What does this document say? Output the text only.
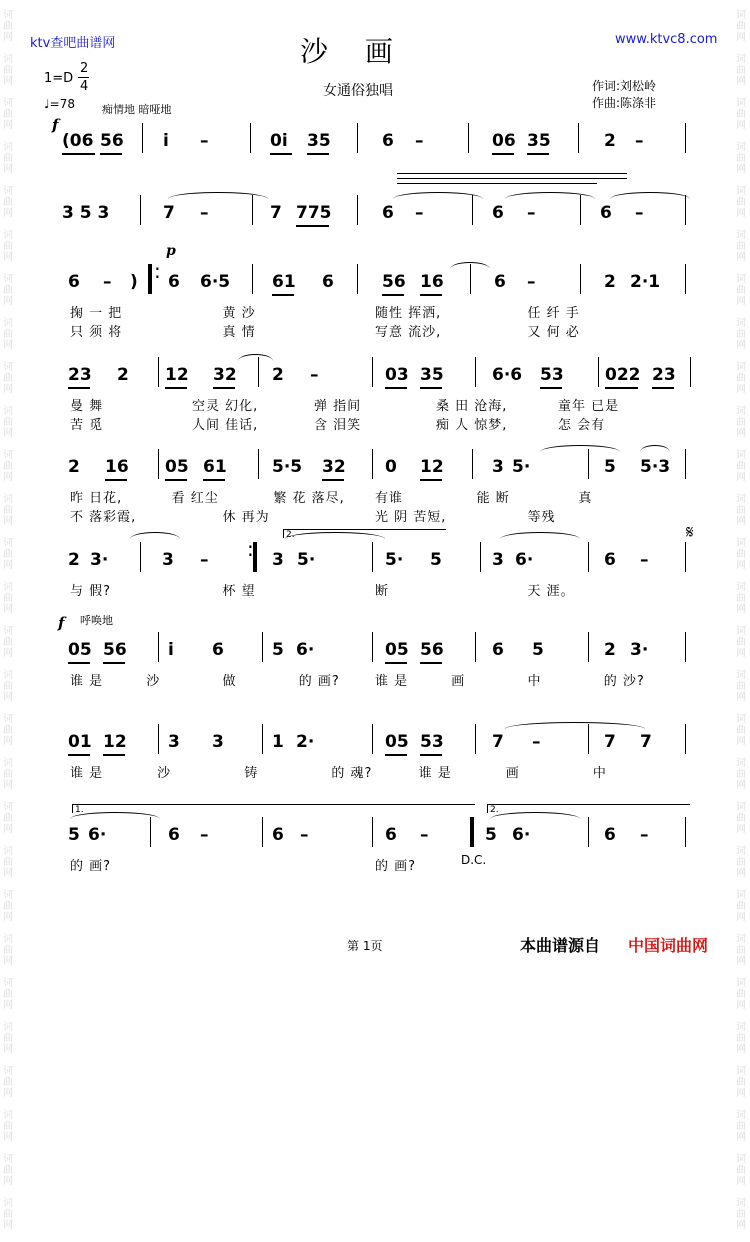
词
曲
网

词
曲
网

词
曲
网

词
曲
网

词
曲
网

词
曲
网

词
曲
网

词
曲
网

词
曲
网

词
曲
网

词
曲
网

词
曲
网

词
曲
网

词
曲
网

词
曲
网

词
曲
网

词
曲
网

词
曲
网

词
曲
网

词
曲
网

词
曲
网

词
曲
网

词
曲
网

词
曲
网

词
曲
网

词
曲
网

词
曲
网

词
曲
网

词
曲
网

词
曲
网

词
曲
网

词
曲
网

词
曲
网

词
曲
网

词
曲
网

词
曲
网

词
曲
网

词
曲
网

词
曲
网

词
曲
网

词
曲
网

词
曲
网

词
曲
网

词
曲
网

词
曲
网

词
曲
网

词
曲
网

词
曲
网

词
曲
网

词
曲
网

词
曲
网

词
曲
网

词
曲
网

词
曲
网

词
曲
网

词
曲
网

ktv查吧曲谱网	www.ktvc8.com
沙 画
女通俗独唱
1=D
2
4
♩=78 痴情地 暗哑地
作词:刘松岭
作曲:陈涤非
f
p
f 呼唤地
𝄋
D.C.
1.	2.
2.
(06 56 i –	0i 35	6 –	06 35	2 –
3 5 3	7 –	7 775	6 –	6 –	6 –
6 – ) : 6 6·5 61 6	56 16	6 –	2 2·1
掬 一 把	黄 沙	随性 挥洒,	任 纤 手
只 须 将	真 情	写意 流沙,	又 何 必
23 2 12 32 2 –	03 35	6·6 53 022 23
曼 舞	空灵 幻化,	弹 指间	桑 田 沧海,	童年 已是
苦 觅	人间 佳话,	含 泪笑	痴 人 惊梦,	怎 会有
2 16 05 61	5·5 32 0 12	3 5·	5 5·3
昨 日花,	看 红尘	繁 花 落尽, 有谁	能 断	真
不 落彩霞,	休 再为	光 阴 苦短,	等残
2 3·	3 – : 3 5·	5· 5	3 6·	6 –
与 假?	杯 望	断	天 涯。
05 56 i 6	5 6·	05 56	6 5	2 3·
谁 是	沙	做	的 画?	谁 是	画	中	的 沙?
01 12 3 3	1 2·	05 53	7 –	7 7
谁 是	沙	铸	的 魂?	谁 是	画	中
5 6·	6 –	6 –	6 –	5 6·	6 –
的 画?	的 画?
第 1页	本曲谱源自 中国词曲网
